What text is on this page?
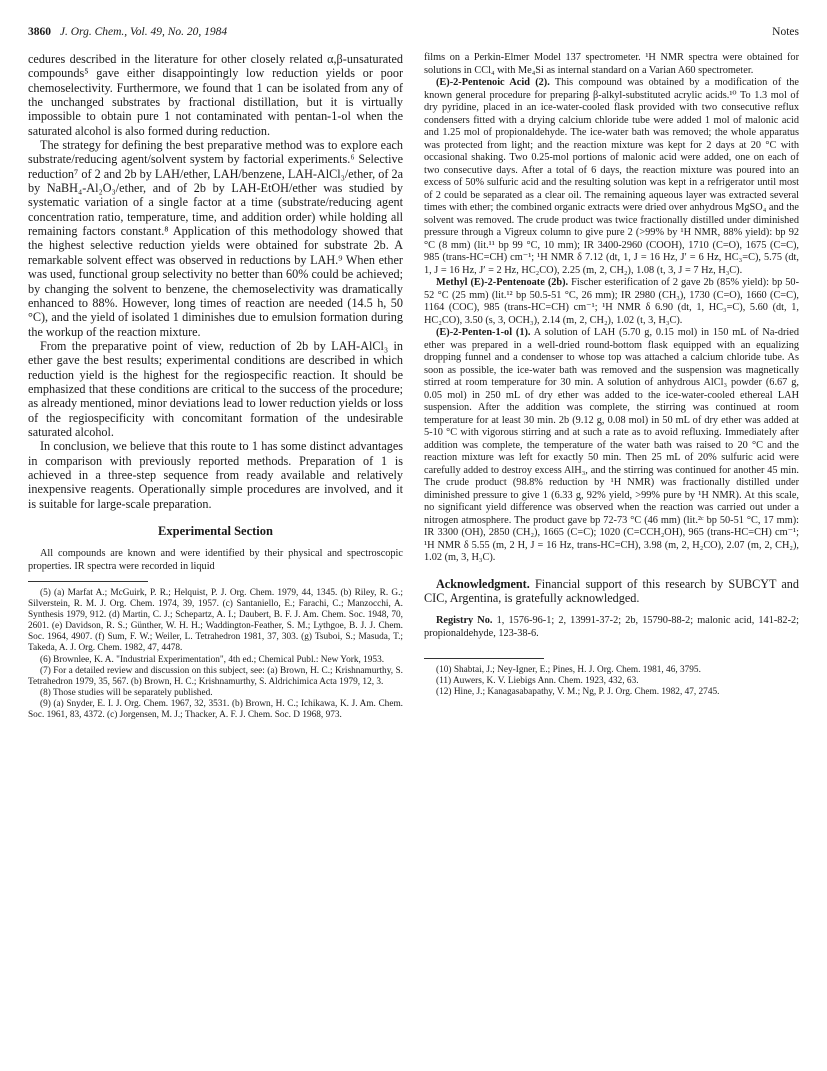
3860 J. Org. Chem., Vol. 49, No. 20, 1984	Notes

cedures described in the literature for other closely related α,β-unsaturated compounds⁵ gave either disappointingly low reduction yields or poor chemoselectivity. Furthermore, we found that 1 can be isolated from any of the unchanged substrates by fractional distillation, but it is virtually impossible to obtain pure 1 not contaminated with pentan-1-ol when the saturated alcohol is also formed during reduction.

The strategy for defining the best preparative method was to explore each substrate/reducing agent/solvent system by factorial experiments.⁶ Selective reduction⁷ of 2 and 2b by LAH/ether, LAH/benzene, LAH-AlCl₃/ether, of 2a by NaBH₄-Al₂O₃/ether, and of 2b by LAH-EtOH/ether was studied by systematic variation of a single factor at a time (substrate/reducing agent concentration ratio, temperature, time, and addition order) while holding all remaining factors constant.⁸ Application of this methodology showed that the highest selective reduction yields were obtained for substrate 2b. A remarkable solvent effect was observed in reductions by LAH.⁹ When ether was used, functional group selectivity no better than 60% could be achieved; by changing the solvent to benzene, the chemoselectivity was dramatically enhanced to 88%. However, long times of reaction are needed (14.5 h, 50 °C), and the yield of isolated 1 diminishes due to emulsion formation during the workup of the reaction mixture.

From the preparative point of view, reduction of 2b by LAH-AlCl₃ in ether gave the best results; experimental conditions are described in which reduction yield is the highest for the regiospecific reaction. It should be emphasized that these conditions are critical to the success of the procedure; as already mentioned, minor deviations lead to lower reduction yields or loss of the regiospecificity with concomitant formation of the undesirable saturated alcohol.

In conclusion, we believe that this route to 1 has some distinct advantages in comparison with previously reported methods. Preparation of 1 is achieved in a three-step sequence from ready available and relatively inexpensive reagents. Operationally simple procedures are involved, and it is suitable for large-scale preparation.

Experimental Section

All compounds are known and were identified by their physical and spectroscopic properties. IR spectra were recorded in liquid

(5) (a) Marfat A.; McGuirk, P. R.; Helquist, P. J. Org. Chem. 1979, 44, 1345. (b) Riley, R. G.; Silverstein, R. M. J. Org. Chem. 1974, 39, 1957. (c) Santaniello, E.; Farachi, C.; Manzocchi, A. Synthesis 1979, 912. (d) Martin, C. J.; Schepartz, A. I.; Daubert, B. F. J. Am. Chem. Soc. 1948, 70, 2601. (e) Davidson, R. S.; Günther, W. H. H.; Waddington-Feather, S. M.; Lythgoe, B. J. J. Chem. Soc. 1964, 4907. (f) Sum, F. W.; Weiler, L. Tetrahedron 1981, 37, 303. (g) Tsuboi, S.; Masuda, T.; Takeda, A. J. Org. Chem. 1982, 47, 4478.

(6) Brownlee, K. A. "Industrial Experimentation", 4th ed.; Chemical Publ.: New York, 1953.

(7) For a detailed review and discussion on this subject, see: (a) Brown, H. C.; Krishnamurthy, S. Tetrahedron 1979, 35, 567. (b) Brown, H. C.; Krishnamurthy, S. Aldrichimica Acta 1979, 12, 3.

(8) Those studies will be separately published.

(9) (a) Snyder, E. I. J. Org. Chem. 1967, 32, 3531. (b) Brown, H. C.; Ichikawa, K. J. Am. Chem. Soc. 1961, 83, 4372. (c) Jorgensen, M. J.; Thacker, A. F. J. Chem. Soc. D 1968, 973.

films on a Perkin-Elmer Model 137 spectrometer. ¹H NMR spectra were obtained for solutions in CCl₄ with Me₄Si as internal standard on a Varian A60 spectrometer.

(E)-2-Pentenoic Acid (2). This compound was obtained by a modification of the known general procedure for preparing β-alkyl-substituted acrylic acids.¹⁰ To 1.3 mol of dry pyridine, placed in an ice-water-cooled flask provided with two consecutive reflux condensers fitted with a drying calcium chloride tube were added 1 mol of malonic acid and 1.25 mol of propionaldehyde. The ice-water bath was removed; the whole apparatus was protected from light; and the reaction mixture was kept for 2 days at 20 °C with occasional shaking. Two 0.25-mol portions of malonic acid were added, one on each of two consecutive days. After a total of 6 days, the reaction mixture was poured into an excess of 50% sulfuric acid and the resulting solution was kept in a refrigerator until most of 2 could be separated as a clear oil. The remaining aqueous layer was extracted several times with ether; the combined organic extracts were dried over anhydrous MgSO₄ and the solvent was removed. The crude product was twice fractionally distilled under diminished pressure through a Vigreux column to give pure 2 (>99% by ¹H NMR, 88% yield): bp 92 °C (8 mm) (lit.¹¹ bp 99 °C, 10 mm); IR 3400-2960 (COOH), 1710 (C=O), 1675 (C=C), 985 (trans-HC=CH) cm⁻¹; ¹H NMR δ 7.12 (dt, 1, J = 16 Hz, J′ = 6 Hz, HC₃=C), 5.75 (dt, 1, J = 16 Hz, J′ = 2 Hz, HC₂CO), 2.25 (m, 2, CH₂), 1.08 (t, 3, J = 7 Hz, H₃C).

Methyl (E)-2-Pentenoate (2b). Fischer esterification of 2 gave 2b (85% yield): bp 50-52 °C (25 mm) (lit.¹² bp 50.5-51 °C, 26 mm); IR 2980 (CH₃), 1730 (C=O), 1660 (C=C), 1164 (COC), 985 (trans-HC=CH) cm⁻¹; ¹H NMR δ 6.90 (dt, 1, HC₃=C), 5.60 (dt, 1, HC₂CO), 3.50 (s, 3, OCH₃), 2.14 (m, 2, CH₂), 1.02 (t, 3, H₃C).

(E)-2-Penten-1-ol (1). A solution of LAH (5.70 g, 0.15 mol) in 150 mL of Na-dried ether was prepared in a well-dried round-bottom flask equipped with an equalizing dropping funnel and a condenser to whose top was attached a calcium chloride tube. As soon as possible, the ice-water bath was removed and the suspension was magnetically stirred at room temperature for 30 min. A solution of anhydrous AlCl₃ powder (6.67 g, 0.05 mol) in 250 mL of dry ether was added to the ice-water-cooled ethereal LAH suspension. After the addition was complete, the stirring was continued at room temperature for at least 30 min. 2b (9.12 g, 0.08 mol) in 50 mL of dry ether was added at 5-10 °C with vigorous stirring and at such a rate as to avoid refluxing. Immediately after addition was complete, the temperature of the water bath was raised to 20 °C and the reaction mixture was left for exactly 50 min. Then 25 mL of 20% sulfuric acid were carefully added to destroy excess AlH₃, and the stirring was continued for another 45 min. The crude product (98.8% reduction by ¹H NMR) was fractionally distilled under diminished pressure to give 1 (6.33 g, 92% yield, >99% pure by ¹H NMR). At this scale, no significant yield difference was observed when the reaction was carried out under a nitrogen atmosphere. The product gave bp 72-73 °C (46 mm) (lit.²ᶜ bp 50-51 °C, 17 mm): IR 3300 (OH), 2850 (CH₂), 1665 (C=C); 1020 (C=CCH₂OH), 965 (trans-HC=CH) cm⁻¹; ¹H NMR δ 5.55 (m, 2 H, J = 16 Hz, trans-HC=CH), 3.98 (m, 2, H₂CO), 2.07 (m, 2, CH₂), 1.02 (m, 3, H₃C).

Acknowledgment. Financial support of this research by SUBCYT and CIC, Argentina, is gratefully acknowledged.

Registry No. 1, 1576-96-1; 2, 13991-37-2; 2b, 15790-88-2; malonic acid, 141-82-2; propionaldehyde, 123-38-6.

(10) Shabtai, J.; Ney-Igner, E.; Pines, H. J. Org. Chem. 1981, 46, 3795.

(11) Auwers, K. V. Liebigs Ann. Chem. 1923, 432, 63.

(12) Hine, J.; Kanagasabapathy, V. M.; Ng, P. J. Org. Chem. 1982, 47, 2745.
